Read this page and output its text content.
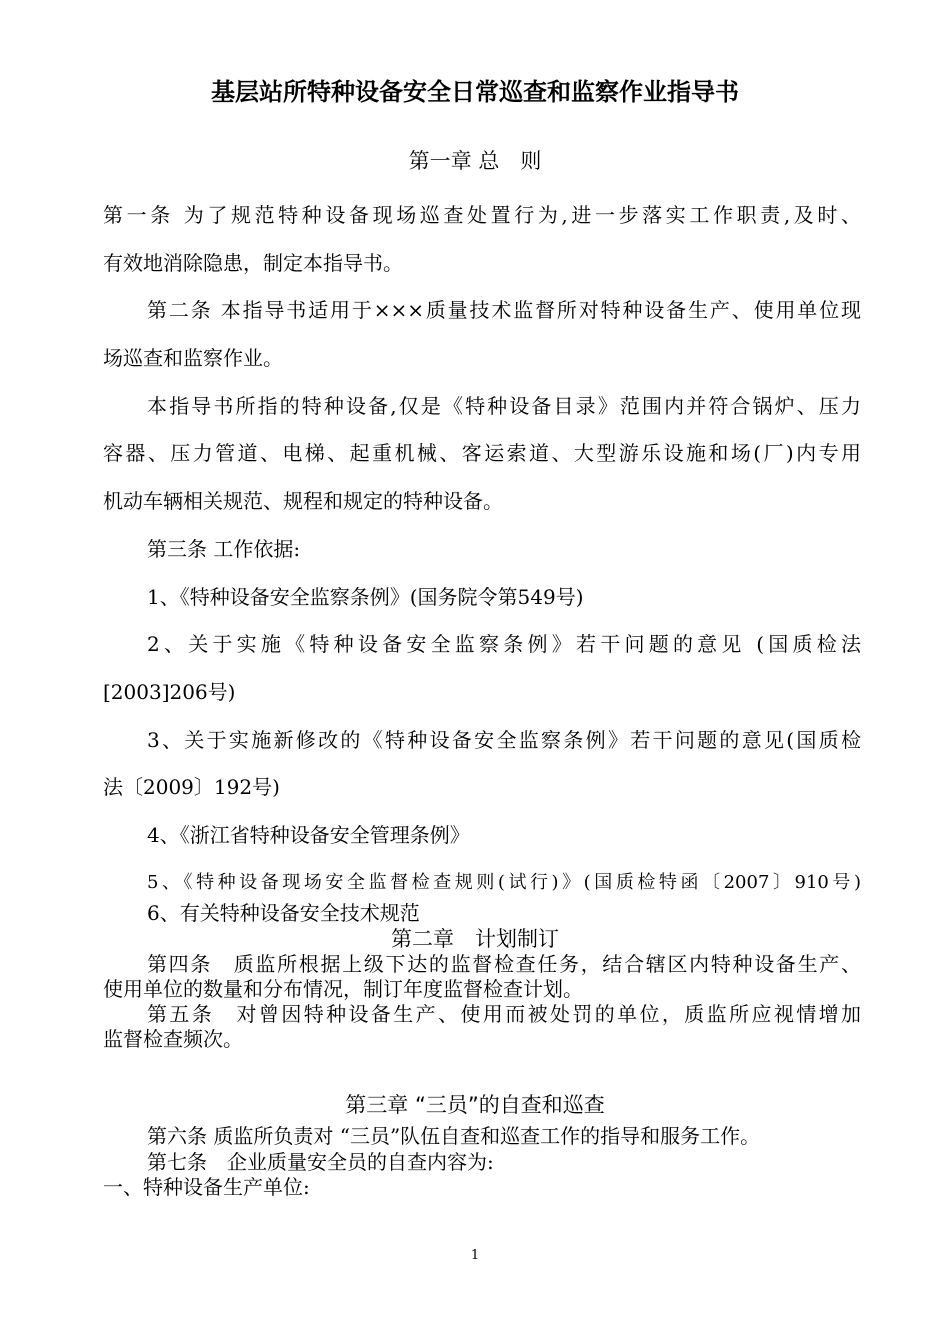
基层站所特种设备安全日常巡查和监察作业指导书
第一章 总　则
第一条 为了规范特种设备现场巡查处置行为,进一步落实工作职责,及时、
有效地消除隐患，制定本指导书。
第二条 本指导书适用于×××质量技术监督所对特种设备生产、使用单位现
场巡查和监察作业。
本指导书所指的特种设备,仅是《特种设备目录》范围内并符合锅炉、压力
容器、压力管道、电梯、起重机械、客运索道、大型游乐设施和场(厂)内专用
机动车辆相关规范、规程和规定的特种设备。
第三条 工作依据:
1、《特种设备安全监察条例》(国务院令第549号)
2、关于实施《特种设备安全监察条例》若干问题的意见 (国质检法
[2003]206号)
3、关于实施新修改的《特种设备安全监察条例》若干问题的意见(国质检
法〔2009〕192号)
4、《浙江省特种设备安全管理条例》
5、《特种设备现场安全监督检查规则(试行)》(国质检特函〔2007〕910号)
6、有关特种设备安全技术规范
第二章　计划制订
第四条　质监所根据上级下达的监督检查任务，结合辖区内特种设备生产、
使用单位的数量和分布情况，制订年度监督检查计划。
第五条　对曾因特种设备生产、使用而被处罚的单位，质监所应视情增加
监督检查频次。
第三章 “三员”的自查和巡查
第六条 质监所负责对 “三员”队伍自查和巡查工作的指导和服务工作。
第七条　企业质量安全员的自查内容为:
一、特种设备生产单位:
1
